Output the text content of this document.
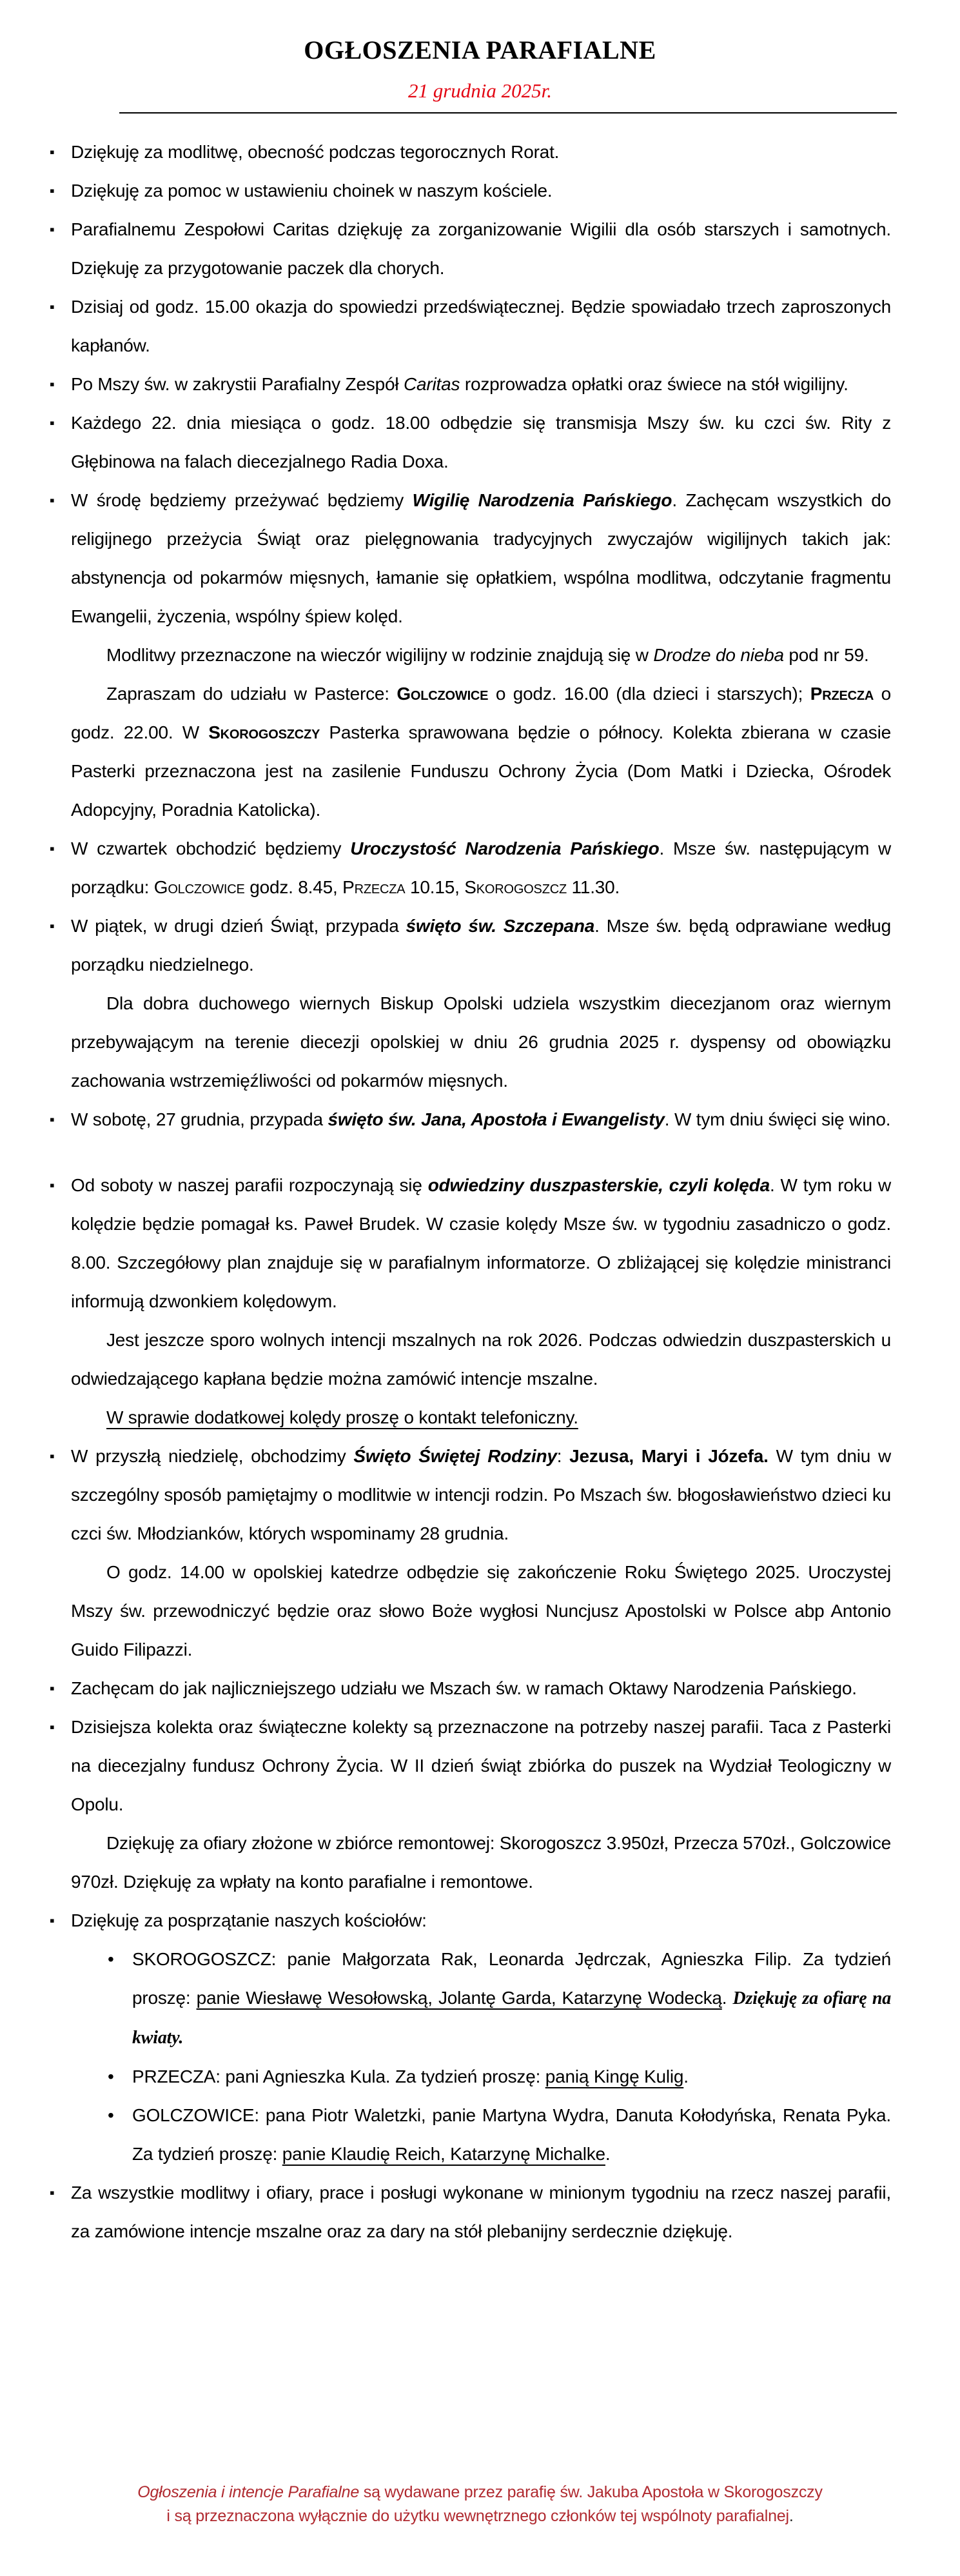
OGŁOSZENIA PARAFIALNE
21 grudnia 2025r.
▪ Dziękuję za modlitwę, obecność podczas tegorocznych Rorat.
▪ Dziękuję za pomoc w ustawieniu choinek w naszym kościele.
▪ Parafialnemu Zespołowi Caritas dziękuję za zorganizowanie Wigilii dla osób starszych i samotnych. Dziękuję za przygotowanie paczek dla chorych.
▪ Dzisiaj od godz. 15.00 okazja do spowiedzi przedświątecznej. Będzie spowiadało trzech zaproszonych kapłanów.
▪ Po Mszy św. w zakrystii Parafialny Zespół Caritas rozprowadza opłatki oraz świece na stół wigilijny.
▪ Każdego 22. dnia miesiąca o godz. 18.00 odbędzie się transmisja Mszy św. ku czci św. Rity z Głębinowa na falach diecezjalnego Radia Doxa.
▪ W środę będziemy przeżywać będziemy Wigilię Narodzenia Pańskiego. Zachęcam wszystkich do religijnego przeżycia Świąt oraz pielęgnowania tradycyjnych zwyczajów wigilijnych takich jak: abstynencja od pokarmów mięsnych, łamanie się opłatkiem, wspólna modlitwa, odczytanie fragmentu Ewangelii, życzenia, wspólny śpiew kolęd.
Modlitwy przeznaczone na wieczór wigilijny w rodzinie znajdują się w Drodze do nieba pod nr 59.
Zapraszam do udziału w Pasterce: Golczowice o godz. 16.00 (dla dzieci i starszych); Przecza o godz. 22.00. W Skorogoszczy Pasterka sprawowana będzie o północy. Kolekta zbierana w czasie Pasterki przeznaczona jest na zasilenie Funduszu Ochrony Życia (Dom Matki i Dziecka, Ośrodek Adopcyjny, Poradnia Katolicka).
▪ W czwartek obchodzić będziemy Uroczystość Narodzenia Pańskiego. Msze św. następującym w porządku: Golczowice godz. 8.45, Przecza 10.15, Skorogoszcz 11.30.
▪ W piątek, w drugi dzień Świąt, przypada święto św. Szczepana. Msze św. będą odprawiane według porządku niedzielnego.
Dla dobra duchowego wiernych Biskup Opolski udziela wszystkim diecezjanom oraz wiernym przebywającym na terenie diecezji opolskiej w dniu 26 grudnia 2025 r. dyspensy od obowiązku zachowania wstrzemięźliwości od pokarmów mięsnych.
▪ W sobotę, 27 grudnia, przypada święto św. Jana, Apostoła i Ewangelisty. W tym dniu święci się wino.
▪ Od soboty w naszej parafii rozpoczynają się odwiedziny duszpasterskie, czyli kolęda. W tym roku w kolędzie będzie pomagał ks. Paweł Brudek. W czasie kolędy Msze św. w tygodniu zasadniczo o godz. 8.00. Szczegółowy plan znajduje się w parafialnym informatorze. O zbliżającej się kolędzie ministranci informują dzwonkiem kolędowym.
Jest jeszcze sporo wolnych intencji mszalnych na rok 2026. Podczas odwiedzin duszpasterskich u odwiedzającego kapłana będzie można zamówić intencje mszalne.
W sprawie dodatkowej kolędy proszę o kontakt telefoniczny.
▪ W przyszłą niedzielę, obchodzimy Święto Świętej Rodziny: Jezusa, Maryi i Józefa. W tym dniu w szczególny sposób pamiętajmy o modlitwie w intencji rodzin. Po Mszach św. błogosławieństwo dzieci ku czci św. Młodzianków, których wspominamy 28 grudnia.
O godz. 14.00 w opolskiej katedrze odbędzie się zakończenie Roku Świętego 2025. Uroczystej Mszy św. przewodniczyć będzie oraz słowo Boże wygłosi Nuncjusz Apostolski w Polsce abp Antonio Guido Filipazzi.
▪ Zachęcam do jak najliczniejszego udziału we Mszach św. w ramach Oktawy Narodzenia Pańskiego.
▪ Dzisiejsza kolekta oraz świąteczne kolekty są przeznaczone na potrzeby naszej parafii. Taca z Pasterki na diecezjalny fundusz Ochrony Życia. W II dzień świąt zbiórka do puszek na Wydział Teologiczny w Opolu.
Dziękuję za ofiary złożone w zbiórce remontowej: Skorogoszcz 3.950zł, Przecza 570zł., Golczowice 970zł. Dziękuję za wpłaty na konto parafialne i remontowe.
▪ Dziękuję za posprzątanie naszych kościołów:
• SKOROGOSZCZ: panie Małgorzata Rak, Leonarda Jędrczak, Agnieszka Filip. Za tydzień proszę: panie Wiesławę Wesołowską, Jolantę Garda, Katarzynę Wodecką. Dziękuję za ofiarę na kwiaty.
• PRZECZA: pani Agnieszka Kula. Za tydzień proszę: panią Kingę Kulig.
• GOLCZOWICE: pana Piotr Waletzki, panie Martyna Wydra, Danuta Kołodyńska, Renata Pyka. Za tydzień proszę: panie Klaudię Reich, Katarzynę Michalke.
▪ Za wszystkie modlitwy i ofiary, prace i posługi wykonane w minionym tygodniu na rzecz naszej parafii, za zamówione intencje mszalne oraz za dary na stół plebanijny serdecznie dziękuję.

Ogłoszenia i intencje Parafialne są wydawane przez parafię św. Jakuba Apostoła w Skorogoszczy

i są przeznaczona wyłącznie do użytku wewnętrznego członków tej wspólnoty parafialnej.
